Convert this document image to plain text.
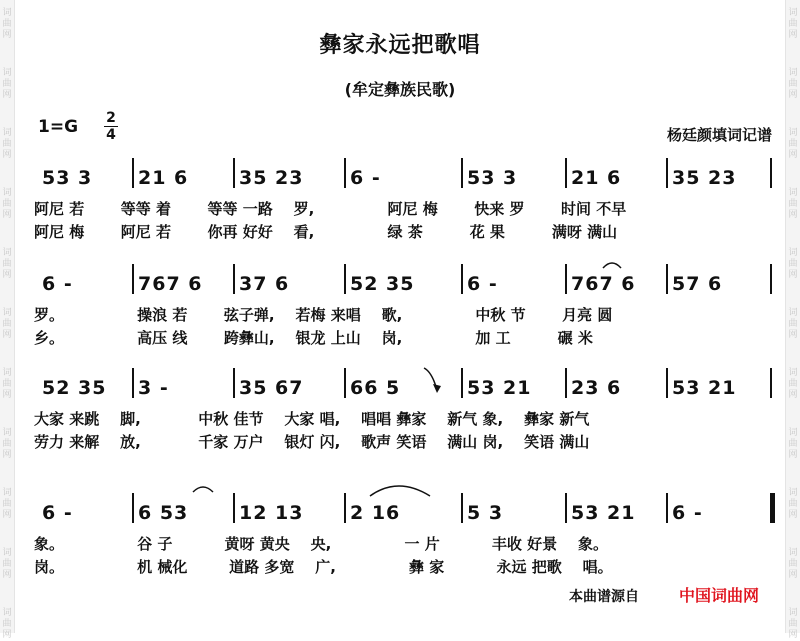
彝家永远把歌唱
(牟定彝族民歌)
1=G 2
4	杨廷颜填词记谱
53 3 21 6	35 23 6 -	53 3	21 6	35 23
阿尼 若       等等 着       等等 一路    罗,              阿尼 梅       快来 罗       时间 不早
阿尼 梅       阿尼 若       你再 好好    看,              绿 茶         花 果         满呀 满山
6 -	767 6 37 6	52 35	6 -	767 6 57 6
罗。              操浪 若       弦子弹,    若梅 来唱    歌,              中秋 节       月亮 圆
乡。              高压 线       跨彝山,    银龙 上山    岗,              加 工         碾 米
52 35 3 -	35 67 66 5	53 21 23 6	53 21
大家 来跳    脚,           中秋 佳节    大家 唱,    唱唱 彝家    新气 象,    彝家 新气
劳力 来解    放,           千家 万户    银灯 闪,    歌声 笑语    满山 岗,    笑语 满山
6 -	6 53	12 13 2 16	5 3	53 21 6 -
象。              谷 子          黄呀 黄央    央,              一 片          丰收 好景    象。
岗。              机 械化        道路 多宽    广,              彝 家          永远 把歌    唱。
本曲谱源自	中国词曲网
词
曲
网
词
曲
网
词
曲
网
词
曲
网
词
曲
网
词
曲
网
词
曲
网
词
曲
网
词
曲
网
词
曲
网
词
曲
网
词
曲
网
词
曲
网
词
曲
网
词
曲
网
词
曲
网
词
曲
网
词
曲
网
词
曲
网
词
曲
网
词
曲
网
词
曲
网
